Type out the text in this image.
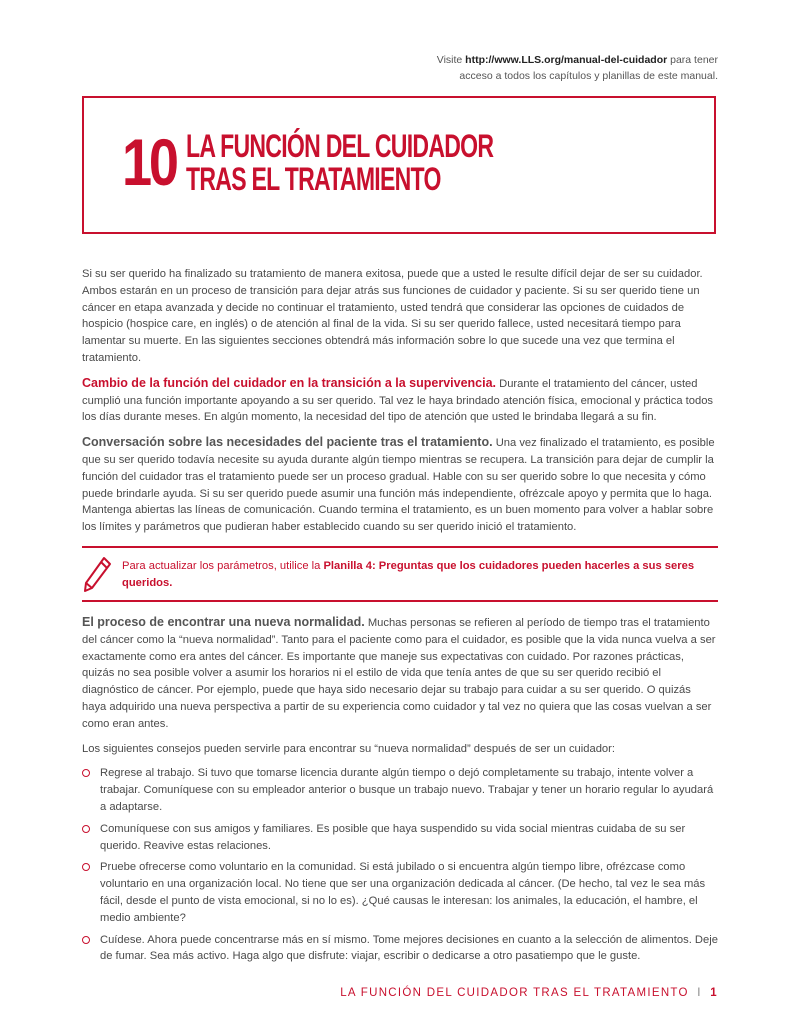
Visite http://www.LLS.org/manual-del-cuidador para tener
acceso a todos los capítulos y planillas de este manual.
10 LA FUNCIÓN DEL CUIDADOR
TRAS EL TRATAMIENTO

Si su ser querido ha finalizado su tratamiento de manera exitosa, puede que a usted le resulte difícil dejar de ser su cuidador. Ambos estarán en un proceso de transición para dejar atrás sus funciones de cuidador y paciente. Si su ser querido tiene un cáncer en etapa avanzada y decide no continuar el tratamiento, usted tendrá que considerar las opciones de cuidados de hospicio (hospice care, en inglés) o de atención al final de la vida. Si su ser querido fallece, usted necesitará tiempo para lamentar su muerte. En las siguientes secciones obtendrá más información sobre lo que sucede una vez que termina el tratamiento.

Cambio de la función del cuidador en la transición a la supervivencia. Durante el tratamiento del cáncer, usted cumplió una función importante apoyando a su ser querido. Tal vez le haya brindado atención física, emocional y práctica todos los días durante meses. En algún momento, la necesidad del tipo de atención que usted le brindaba llegará a su fin.

Conversación sobre las necesidades del paciente tras el tratamiento. Una vez finalizado el tratamiento, es posible que su ser querido todavía necesite su ayuda durante algún tiempo mientras se recupera. La transición para dejar de cumplir la función del cuidador tras el tratamiento puede ser un proceso gradual. Hable con su ser querido sobre lo que necesita y cómo puede brindarle ayuda. Si su ser querido puede asumir una función más independiente, ofrézcale apoyo y permita que lo haga. Mantenga abiertas las líneas de comunicación. Cuando termina el tratamiento, es un buen momento para volver a hablar sobre los límites y parámetros que pudieran haber establecido cuando su ser querido inició el tratamiento.

Para actualizar los parámetros, utilice la Planilla 4: Preguntas que los cuidadores pueden hacerles a sus seres queridos.

El proceso de encontrar una nueva normalidad. Muchas personas se refieren al período de tiempo tras el tratamiento del cáncer como la “nueva normalidad”. Tanto para el paciente como para el cuidador, es posible que la vida nunca vuelva a ser exactamente como era antes del cáncer. Es importante que maneje sus expectativas con cuidado. Por razones prácticas, quizás no sea posible volver a asumir los horarios ni el estilo de vida que tenía antes de que su ser querido recibió el diagnóstico de cáncer. Por ejemplo, puede que haya sido necesario dejar su trabajo para cuidar a su ser querido. O quizás haya adquirido una nueva perspectiva a partir de su experiencia como cuidador y tal vez no quiera que las cosas vuelvan a ser como eran antes.

Los siguientes consejos pueden servirle para encontrar su “nueva normalidad” después de ser un cuidador:

Regrese al trabajo. Si tuvo que tomarse licencia durante algún tiempo o dejó completamente su trabajo, intente volver a trabajar. Comuníquese con su empleador anterior o busque un trabajo nuevo. Trabajar y tener un horario regular lo ayudará a adaptarse.
Comuníquese con sus amigos y familiares. Es posible que haya suspendido su vida social mientras cuidaba de su ser querido. Reavive estas relaciones.
Pruebe ofrecerse como voluntario en la comunidad. Si está jubilado o si encuentra algún tiempo libre, ofrézcase como voluntario en una organización local. No tiene que ser una organización dedicada al cáncer. (De hecho, tal vez le sea más fácil, desde el punto de vista emocional, si no lo es). ¿Qué causas le interesan: los animales, la educación, el hambre, el medio ambiente?
Cuídese. Ahora puede concentrarse más en sí mismo. Tome mejores decisiones en cuanto a la selección de alimentos. Deje de fumar. Sea más activo. Haga algo que disfrute: viajar, escribir o dedicarse a otro pasatiempo que le guste.
LA FUNCIÓN DEL CUIDADOR TRAS EL TRATAMIENTO I 1
